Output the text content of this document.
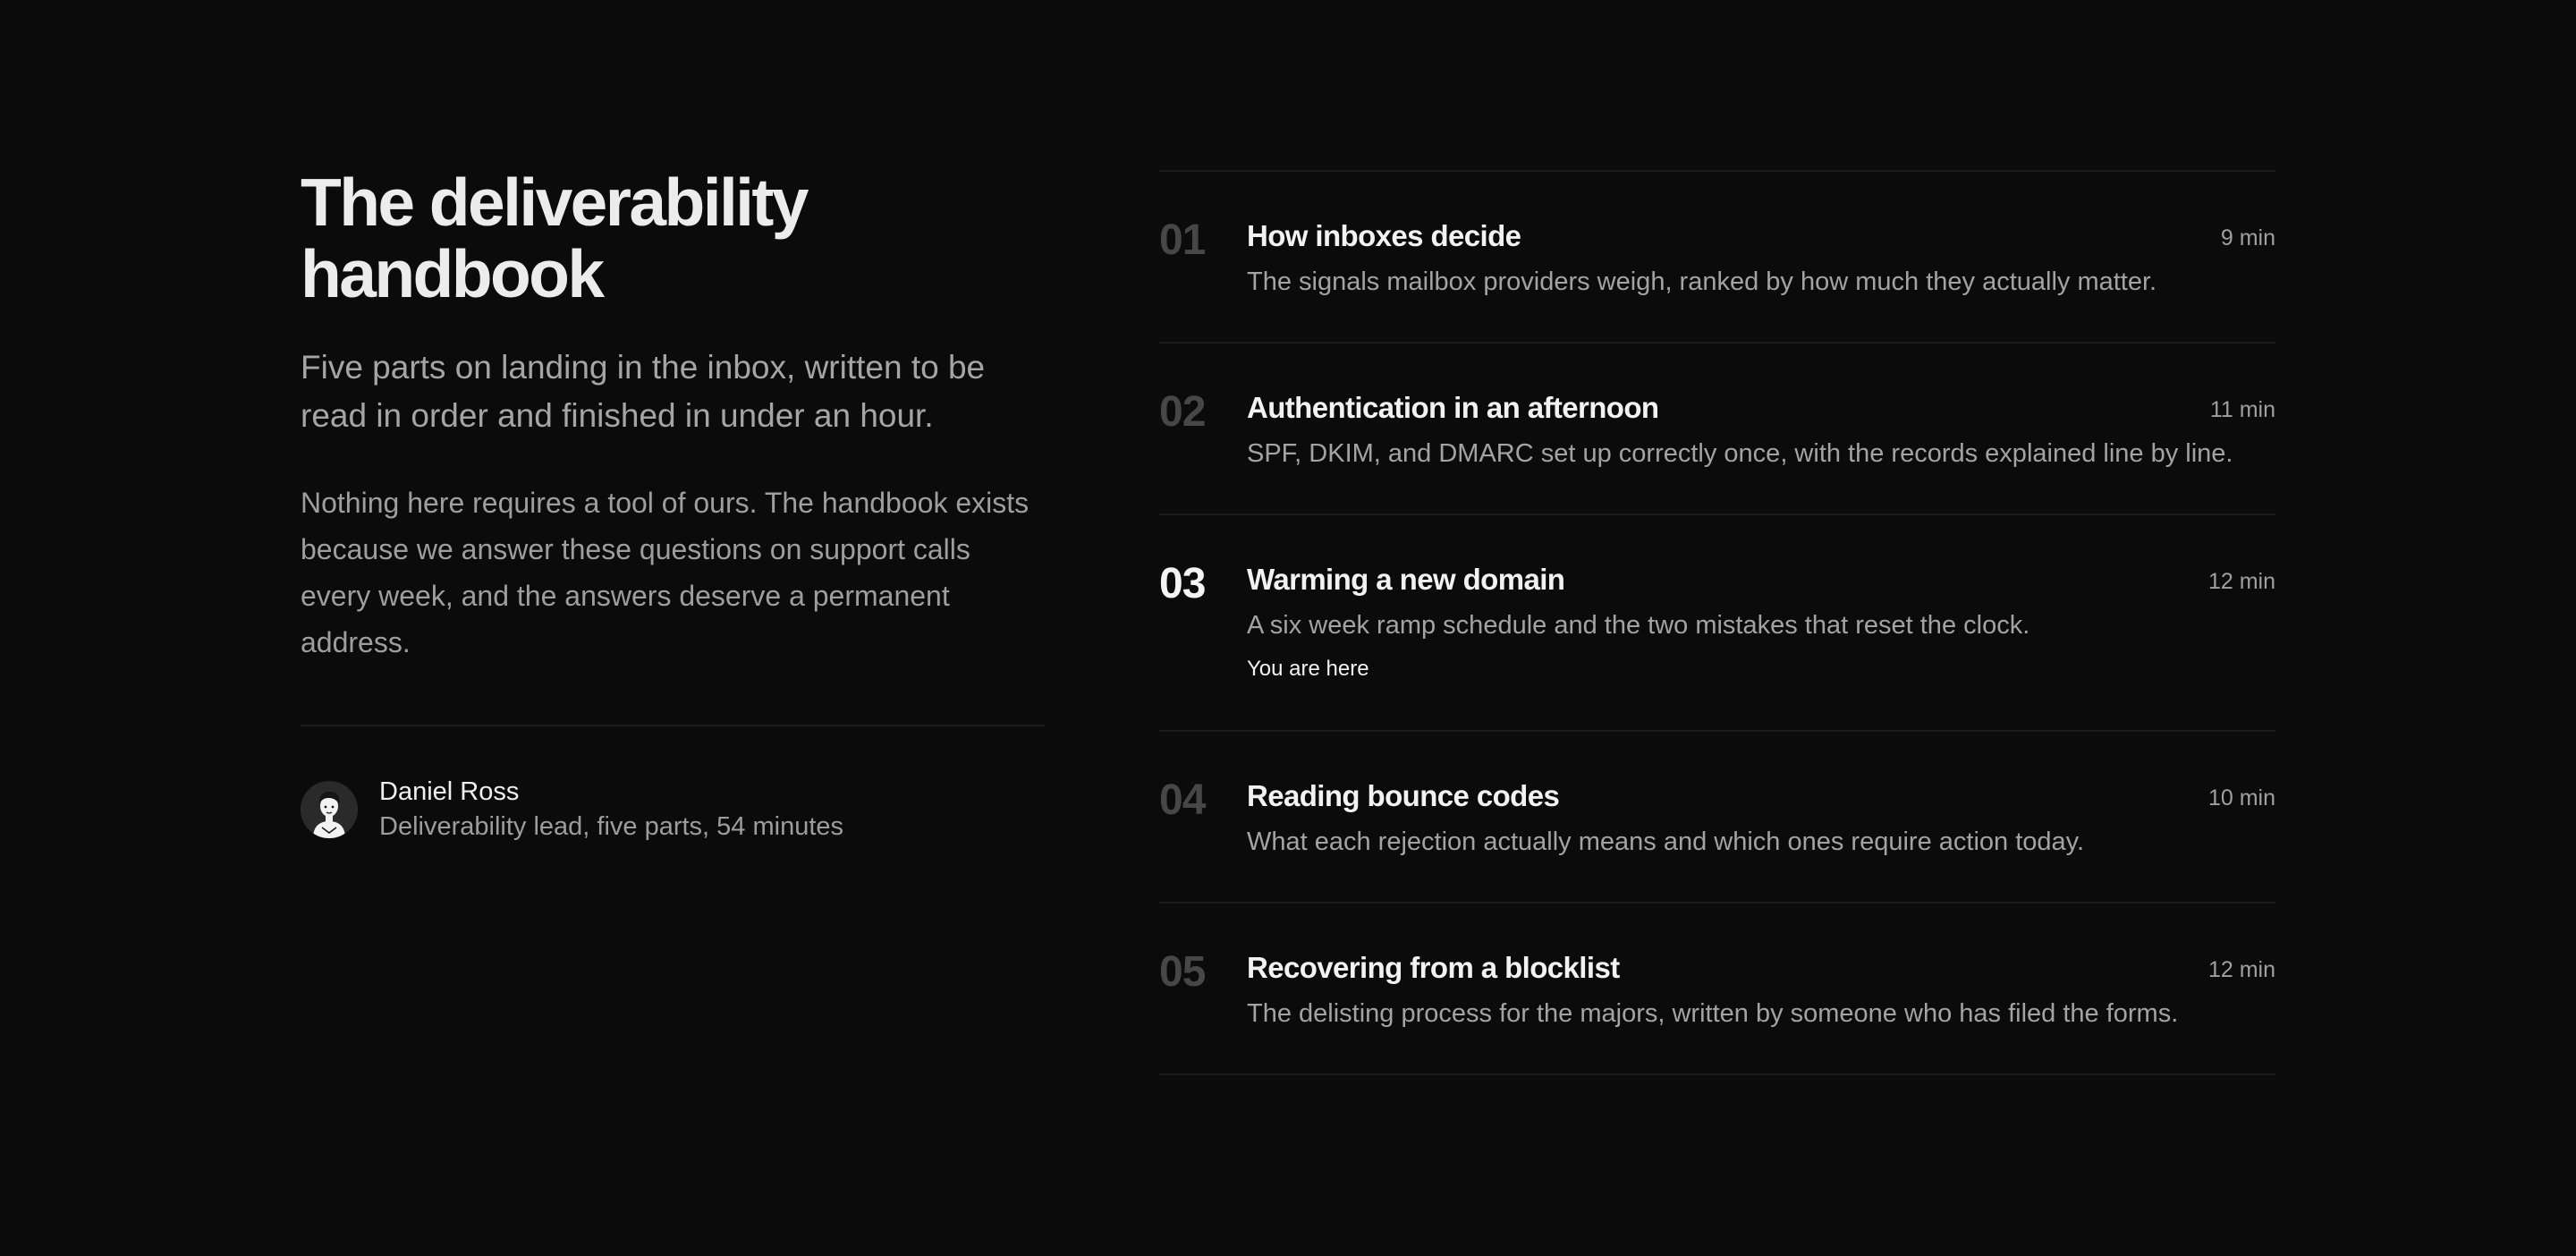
The deliverability
handbook

Five parts on landing in the inbox, written to be read in order and finished in under an hour.

Nothing here requires a tool of ours. The handbook exists because we answer these questions on support calls every week, and the answers deserve a permanent address.

Daniel Ross
Deliverability lead, five parts, 54 minutes
01 How inboxes decide	9 min
The signals mailbox providers weigh, ranked by how much they actually matter.
02 Authentication in an afternoon	11 min
SPF, DKIM, and DMARC set up correctly once, with the records explained line by line.
03 Warming a new domain	12 min
A six week ramp schedule and the two mistakes that reset the clock.
You are here
04 Reading bounce codes	10 min
What each rejection actually means and which ones require action today.
05 Recovering from a blocklist	12 min
The delisting process for the majors, written by someone who has filed the forms.
